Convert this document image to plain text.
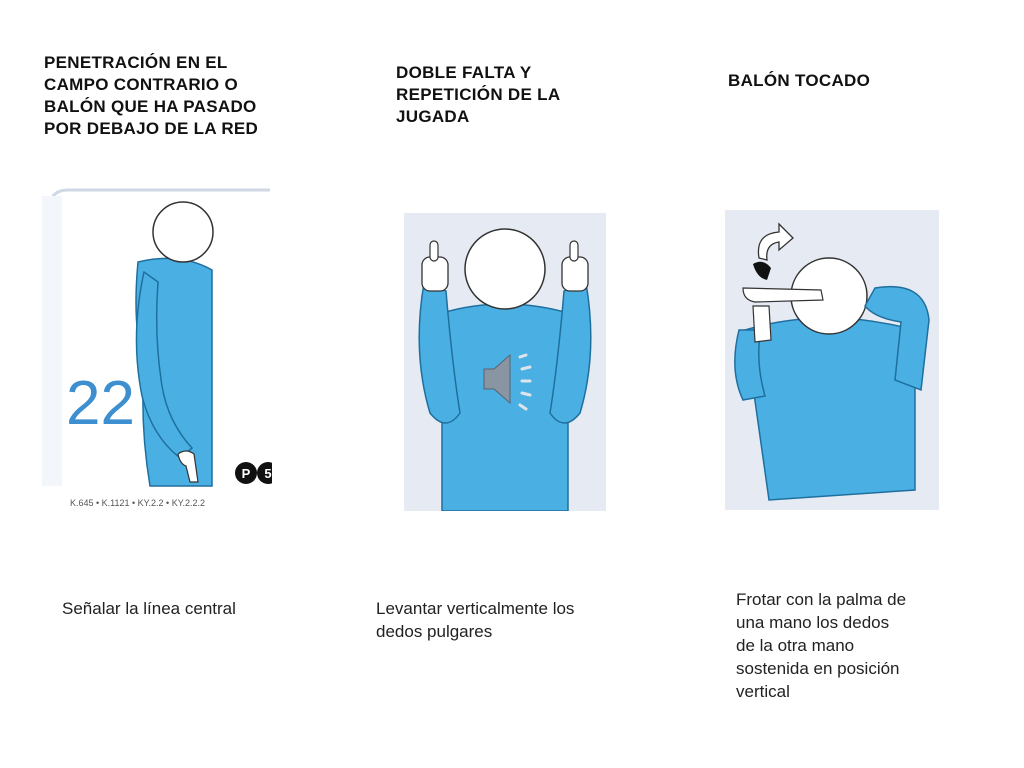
PENETRACIÓN EN EL
CAMPO CONTRARIO O
BALÓN QUE HA PASADO
POR DEBAJO DE LA RED

DOBLE FALTA Y
REPETICIÓN DE LA
JUGADA

BALÓN TOCADO

22
P 5
K.645 • K.1121 • KY.2.2 • KY.2.2.2

Señalar la línea central	Levantar verticalmente los
dedos pulgares

Frotar con la palma de
una mano los dedos
de la otra mano
sostenida en posición
vertical
